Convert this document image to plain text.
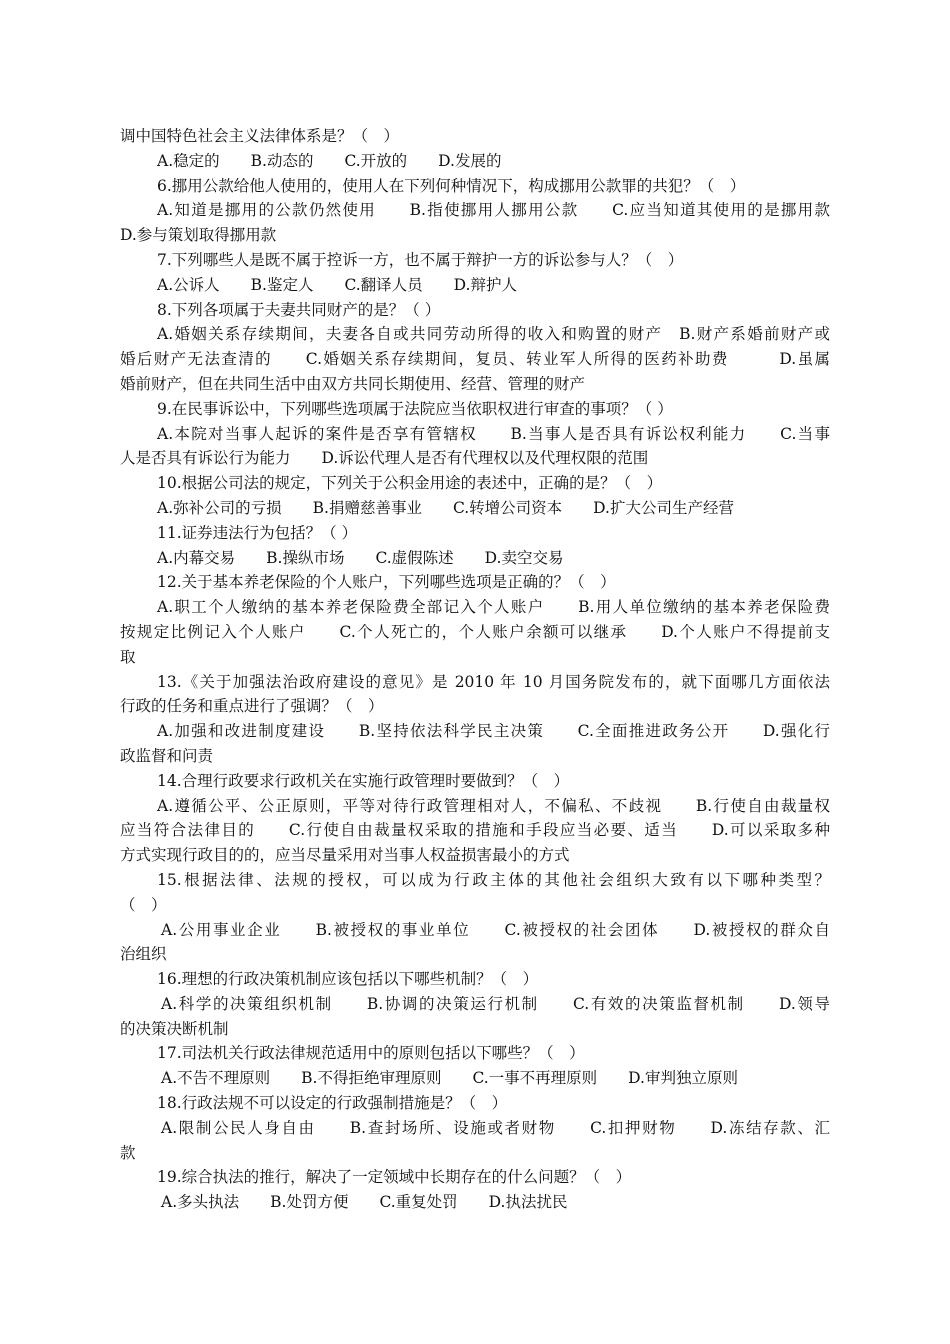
调中国特色社会主义法律体系是？（　）
A.稳定的　　B.动态的　　C.开放的　　D.发展的
6.挪用公款给他人使用的，使用人在下列何种情况下，构成挪用公款罪的共犯？（　）
A.知道是挪用的公款仍然使用　　B.指使挪用人挪用公款　　C.应当知道其使用的是挪用款
D.参与策划取得挪用款
7.下列哪些人是既不属于控诉一方，也不属于辩护一方的诉讼参与人？（　）
A.公诉人　　B.鉴定人　　C.翻译人员　　D.辩护人
8.下列各项属于夫妻共同财产的是？（ ）
A.婚姻关系存续期间，夫妻各自或共同劳动所得的收入和购置的财产　B.财产系婚前财产或
婚后财产无法查清的　　C.婚姻关系存续期间，复员、转业军人所得的医药补助费　　　D.虽属
婚前财产，但在共同生活中由双方共同长期使用、经营、管理的财产
9.在民事诉讼中，下列哪些选项属于法院应当依职权进行审查的事项？（ ）
A.本院对当事人起诉的案件是否享有管辖权　　B.当事人是否具有诉讼权利能力　　C.当事
人是否具有诉讼行为能力　　D.诉讼代理人是否有代理权以及代理权限的范围
10.根据公司法的规定，下列关于公积金用途的表述中，正确的是？（　）
A.弥补公司的亏损　　B.捐赠慈善事业　　C.转增公司资本　　D.扩大公司生产经营
11.证券违法行为包括？（ ）
A.内幕交易　　B.操纵市场　　C.虚假陈述　　D.卖空交易
12.关于基本养老保险的个人账户，下列哪些选项是正确的？（　）
A.职工个人缴纳的基本养老保险费全部记入个人账户　　B.用人单位缴纳的基本养老保险费
按规定比例记入个人账户　　C.个人死亡的，个人账户余额可以继承　　D.个人账户不得提前支
取
13.《关于加强法治政府建设的意见》是 2010 年 10 月国务院发布的，就下面哪几方面依法
行政的任务和重点进行了强调？（　）
A.加强和改进制度建设　　B.坚持依法科学民主决策　　C.全面推进政务公开　　D.强化行
政监督和问责
14.合理行政要求行政机关在实施行政管理时要做到？（　）
A.遵循公平、公正原则，平等对待行政管理相对人，不偏私、不歧视　　B.行使自由裁量权
应当符合法律目的　　C.行使自由裁量权采取的措施和手段应当必要、适当　　D.可以采取多种
方式实现行政目的的，应当尽量采用对当事人权益损害最小的方式
15.根据法律、法规的授权，可以成为行政主体的其他社会组织大致有以下哪种类型？
（　）
A.公用事业企业　　B.被授权的事业单位　　C.被授权的社会团体　　D.被授权的群众自
治组织
16.理想的行政决策机制应该包括以下哪些机制？（　）
A.科学的决策组织机制　　B.协调的决策运行机制　　C.有效的决策监督机制　　D.领导
的决策决断机制
17.司法机关行政法律规范适用中的原则包括以下哪些？（　）
A.不告不理原则　　B.不得拒绝审理原则　　C.一事不再理原则　　D.审判独立原则
18.行政法规不可以设定的行政强制措施是？（　）
A.限制公民人身自由　　B.查封场所、设施或者财物　　C.扣押财物　　D.冻结存款、汇
款
19.综合执法的推行，解决了一定领域中长期存在的什么问题？（　）
A.多头执法　　B.处罚方便　　C.重复处罚　　D.执法扰民
